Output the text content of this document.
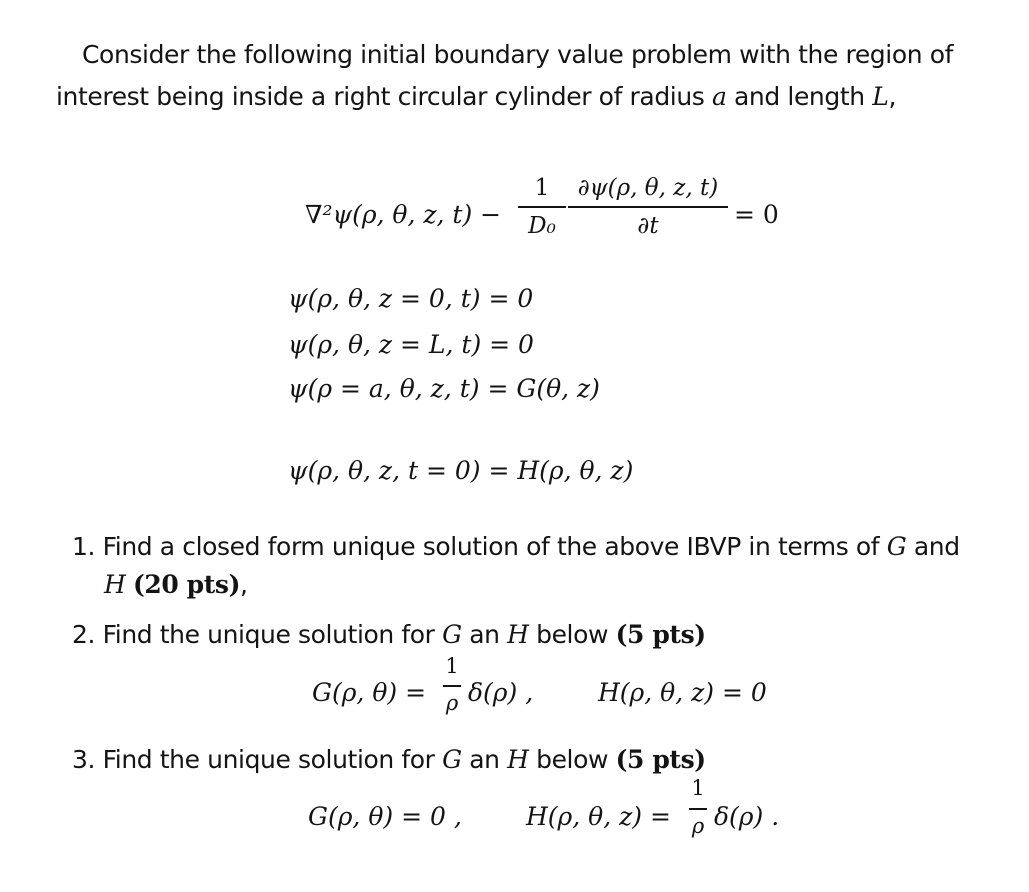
Consider the following initial boundary value problem with the region of
interest being inside a right circular cylinder of radius a and length L,
∇²ψ(ρ, θ, z, t) −
1
D₀
∂ψ(ρ, θ, z, t)
∂t	= 0
ψ(ρ, θ, z = 0, t) = 0
ψ(ρ, θ, z = L, t) = 0
ψ(ρ = a, θ, z, t) = G(θ, z)
ψ(ρ, θ, z, t = 0) = H(ρ, θ, z)
1. Find a closed form unique solution of the above IBVP in terms of G and
H (20 pts),
2. Find the unique solution for G an H below (5 pts)
G(ρ, θ) =
1
ρ δ(ρ) ,	H(ρ, θ, z) = 0
3. Find the unique solution for G an H below (5 pts)
G(ρ, θ) = 0 ,	H(ρ, θ, z) =
1
ρ δ(ρ) .
